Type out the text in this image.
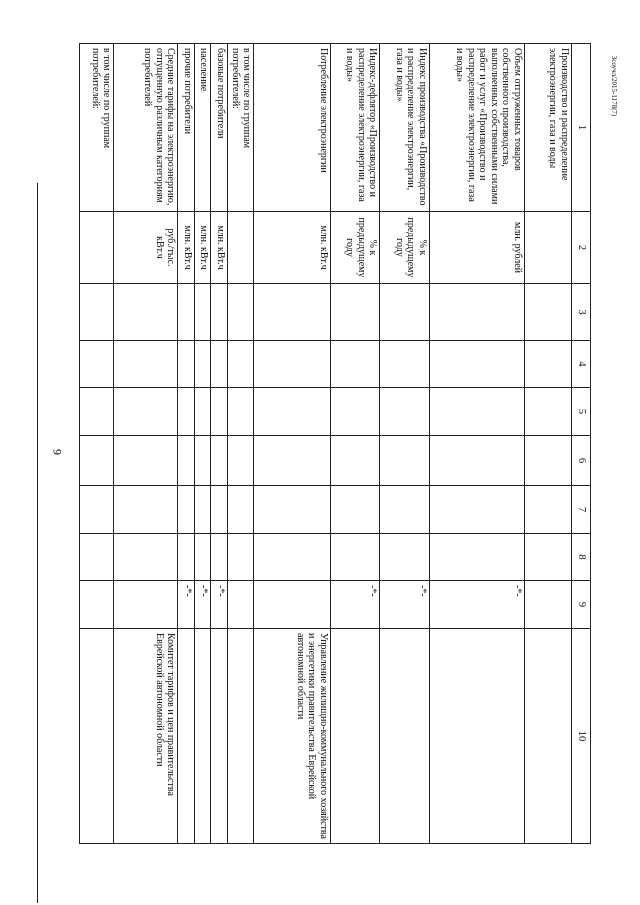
9
Зсоучл/2015-1178(7)
1	2	3	4	5	6	7	8	9	10
Производство и распределение электроэнергии, газа и воды									
Объем отгруженных товаров собственного производства, выполненных собственными силами работ и услуг «Производство и распределение электроэнергии, газа и воды»	млн. рублей							-*-	
Индекс производства «Производство и распределение электроэнергии, газа и воды»	% к предыдущему году							-*-	
Индекс-дефлятор «Производство и распределение электроэнергии, газа и воды»	% к предыдущему году							-*-	
Потребление электроэнергии	млн. кВт.ч								Управление жилищно-коммунального хозяйства и энергетики правительства Еврейской автономной области
в том числе по группам потребителей:									
базовые потребители	млн. кВт.ч							-*-	
население	млн. кВт.ч							-*-	
прочие потребители	млн. кВт.ч							-*-	
Средние тарифы на электроэнергию, отпущенную различным категориям потребителей	руб./тыс. кВт.ч								Комитет тарифов и цен правительства Еврейской автономной области
в том числе по группам потребителей:									
